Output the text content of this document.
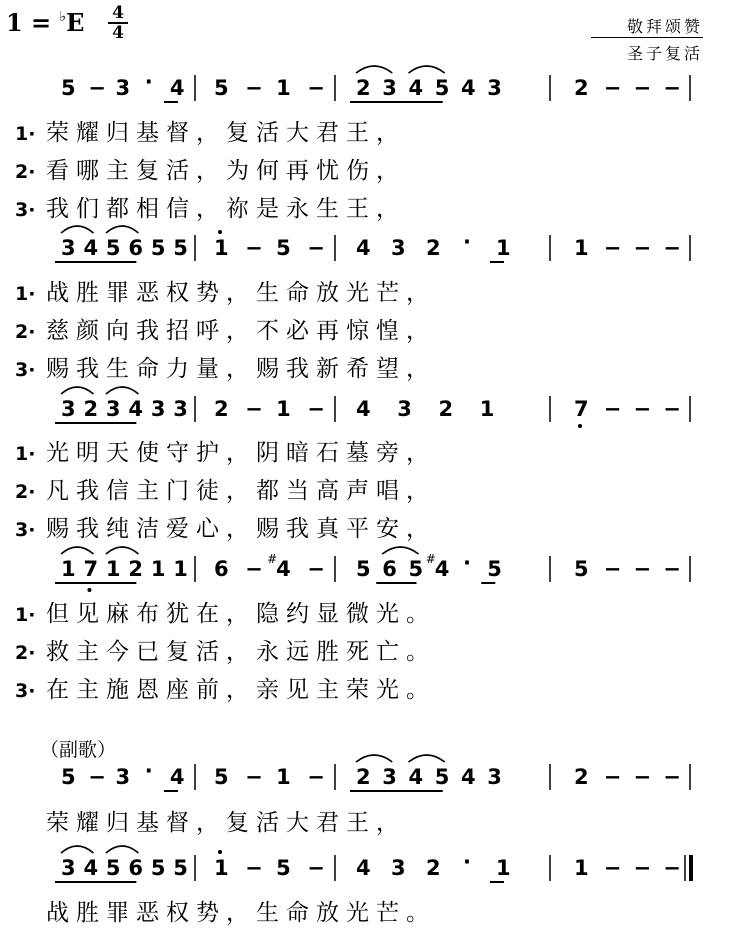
1 = ♭E 4
4	敬拜颂赞
圣子复活
（副歌）
5 − 3 · 4 5 − 1 − 2 3 4 5 4 3	2 − − −
1· 荣 耀 归 基 督 ， 复 活 大 君 王 ，
2· 看 哪 主 复 活 ， 为 何 再 忧 伤 ，
3· 我 们 都 相 信 ， 祢 是 永 生 王 ，
3 4 5 6 5 5 1 − 5 − 4 3 2 · 1	1 − − −
1· 战 胜 罪 恶 权 势 ， 生 命 放 光 芒 ，
2· 慈 颜 向 我 招 呼 ， 不 必 再 惊 惶 ，
3· 赐 我 生 命 力 量 ， 赐 我 新 希 望 ，
3 2 3 4 3 3 2 − 1 − 4 3 2 1	7 − − −
1· 光 明 天 使 守 护 ， 阴 暗 石 墓 旁 ，
2· 凡 我 信 主 门 徒 ， 都 当 高 声 唱 ，
3· 赐 我 纯 洁 爱 心 ， 赐 我 真 平 安 ，
1 7 1 2 1 1 6 − 4
# − 5 6 5 4
# · 5	5 − − −
1· 但 见 麻 布 犹 在 ， 隐 约 显 微 光 。
2· 救 主 今 已 复 活 ， 永 远 胜 死 亡 。
3· 在 主 施 恩 座 前 ， 亲 见 主 荣 光 。
5 − 3 · 4 5 − 1 − 2 3 4 5 4 3	2 − − −
荣 耀 归 基 督 ， 复 活 大 君 王 ，
3 4 5 6 5 5 1 − 5 − 4 3 2 · 1	1 − − −
战 胜 罪 恶 权 势 ， 生 命 放 光 芒 。
